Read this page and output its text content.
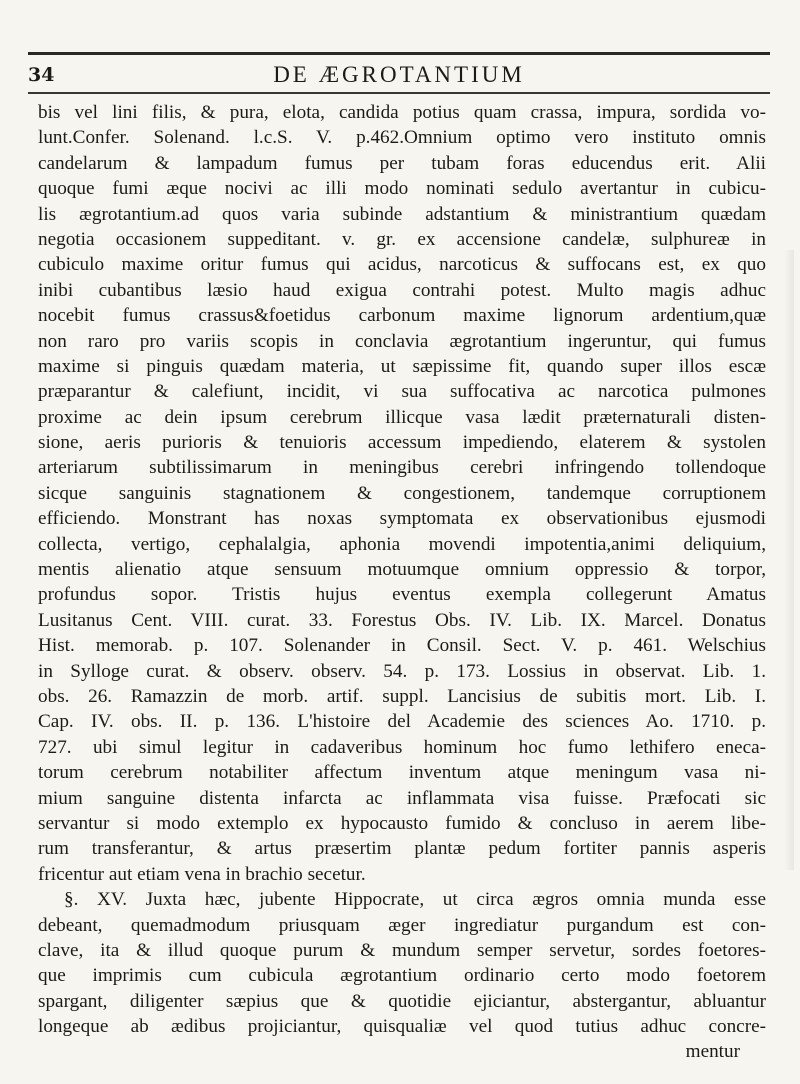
34	DE ÆGROTANTIUM
bis vel lini filis, & pura, elota, candida potius quam crassa, impura, sordida vo-
lunt.Confer. Solenand. l.c.S. V. p.462.Omnium optimo vero instituto omnis
candelarum & lampadum fumus per tubam foras educendus erit. Alii
quoque fumi æque nocivi ac illi modo nominati sedulo avertantur in cubicu-
lis ægrotantium.ad quos varia subinde adstantium & ministrantium quædam
negotia occasionem suppeditant. v. gr. ex accensione candelæ, sulphureæ in
cubiculo maxime oritur fumus qui acidus, narcoticus & suffocans est, ex quo
inibi cubantibus læsio haud exigua contrahi potest. Multo magis adhuc
nocebit fumus crassus&foetidus carbonum maxime lignorum ardentium,quæ
non raro pro variis scopis in conclavia ægrotantium ingeruntur, qui fumus
maxime si pinguis quædam materia, ut sæpissime fit, quando super illos escæ
præparantur & calefiunt, incidit, vi sua suffocativa ac narcotica pulmones
proxime ac dein ipsum cerebrum illicque vasa lædit præternaturali disten-
sione, aeris purioris & tenuioris accessum impediendo, elaterem & systolen
arteriarum subtilissimarum in meningibus cerebri infringendo tollendoque
sicque sanguinis stagnationem & congestionem, tandemque corruptionem
efficiendo. Monstrant has noxas symptomata ex observationibus ejusmodi
collecta, vertigo, cephalalgia, aphonia movendi impotentia,animi deliquium,
mentis alienatio atque sensuum motuumque omnium oppressio & torpor,
profundus sopor. Tristis hujus eventus exempla collegerunt Amatus
Lusitanus Cent. VIII. curat. 33. Forestus Obs. IV. Lib. IX. Marcel. Donatus
Hist. memorab. p. 107. Solenander in Consil. Sect. V. p. 461. Welschius
in Sylloge curat. & observ. observ. 54. p. 173. Lossius in observat. Lib. 1.
obs. 26. Ramazzin de morb. artif. suppl. Lancisius de subitis mort. Lib. I.
Cap. IV. obs. II. p. 136. L'histoire del Academie des sciences Ao. 1710. p.
727. ubi simul legitur in cadaveribus hominum hoc fumo lethifero eneca-
torum cerebrum notabiliter affectum inventum atque meningum vasa ni-
mium sanguine distenta infarcta ac inflammata visa fuisse. Præfocati sic
servantur si modo extemplo ex hypocausto fumido & concluso in aerem libe-
rum transferantur, & artus præsertim plantæ pedum fortiter pannis asperis
fricentur aut etiam vena in brachio secetur.
§. XV. Juxta hæc, jubente Hippocrate, ut circa ægros omnia munda esse
debeant, quemadmodum priusquam æger ingrediatur purgandum est con-
clave, ita & illud quoque purum & mundum semper servetur, sordes foetores-
que imprimis cum cubicula ægrotantium ordinario certo modo foetorem
spargant, diligenter sæpius que & quotidie ejiciantur, abstergantur, abluantur
longeque ab ædibus projiciantur, quisqualiæ vel quod tutius adhuc concre-
mentur
